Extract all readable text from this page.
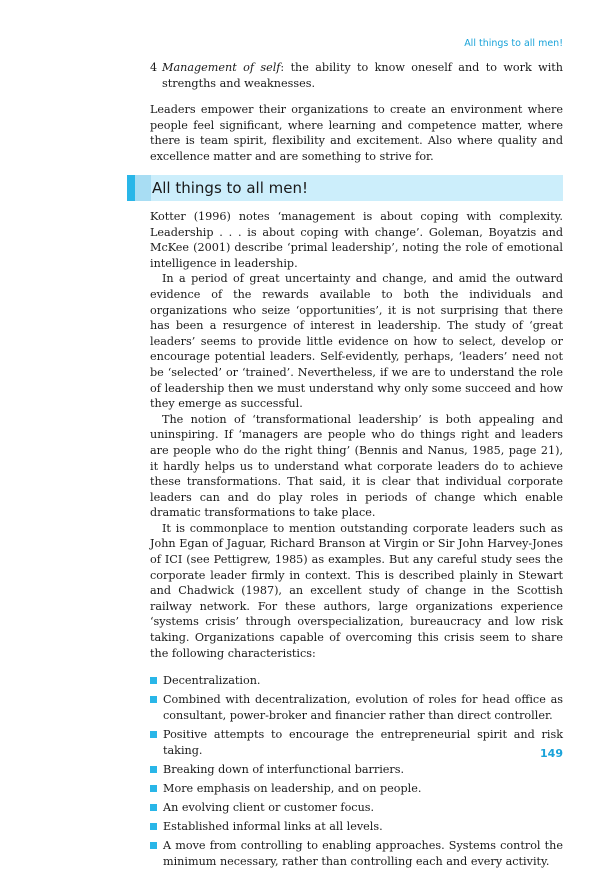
All things to all men!
4 Management of self: the ability to know oneself and to work with strengths and weaknesses.

Leaders empower their organizations to create an environment where people feel significant, where learning and competence matter, where there is team spirit, flexibility and excitement. Also where quality and excellence matter and are something to strive for.

All things to all men!

Kotter (1996) notes ‘management is about coping with complexity. Leadership . . . is about coping with change’. Goleman, Boyatzis and McKee (2001) describe ‘primal leadership’, noting the role of emotional intelligence in leadership.

In a period of great uncertainty and change, and amid the outward evidence of the rewards available to both the individuals and organizations who seize ‘opportunities’, it is not surprising that there has been a resurgence of interest in leadership. The study of ‘great leaders’ seems to provide little evidence on how to select, develop or encourage potential leaders. Self-evidently, perhaps, ‘leaders’ need not be ‘selected’ or ‘trained’. Nevertheless, if we are to understand the role of leadership then we must understand why only some succeed and how they emerge as successful.

The notion of ‘transformational leadership’ is both appealing and uninspiring. If ‘managers are people who do things right and leaders are people who do the right thing’ (Bennis and Nanus, 1985, page 21), it hardly helps us to understand what corporate leaders do to achieve these transformations. That said, it is clear that individual corporate leaders can and do play roles in periods of change which enable dramatic transformations to take place.

It is commonplace to mention outstanding corporate leaders such as John Egan of Jaguar, Richard Branson at Virgin or Sir John Harvey-Jones of ICI (see Pettigrew, 1985) as examples. But any careful study sees the corporate leader firmly in context. This is described plainly in Stewart and Chadwick (1987), an excellent study of change in the Scottish railway network. For these authors, large organizations experience ‘systems crisis’ through overspecialization, bureaucracy and low risk taking. Organizations capable of overcoming this crisis seem to share the following characteristics:

Decentralization.
Combined with decentralization, evolution of roles for head office as consultant, power-broker and financier rather than direct controller.
Positive attempts to encourage the entrepreneurial spirit and risk taking.
Breaking down of interfunctional barriers.
More emphasis on leadership, and on people.
An evolving client or customer focus.
Established informal links at all levels.
A move from controlling to enabling approaches. Systems control the minimum necessary, rather than controlling each and every activity.
149
